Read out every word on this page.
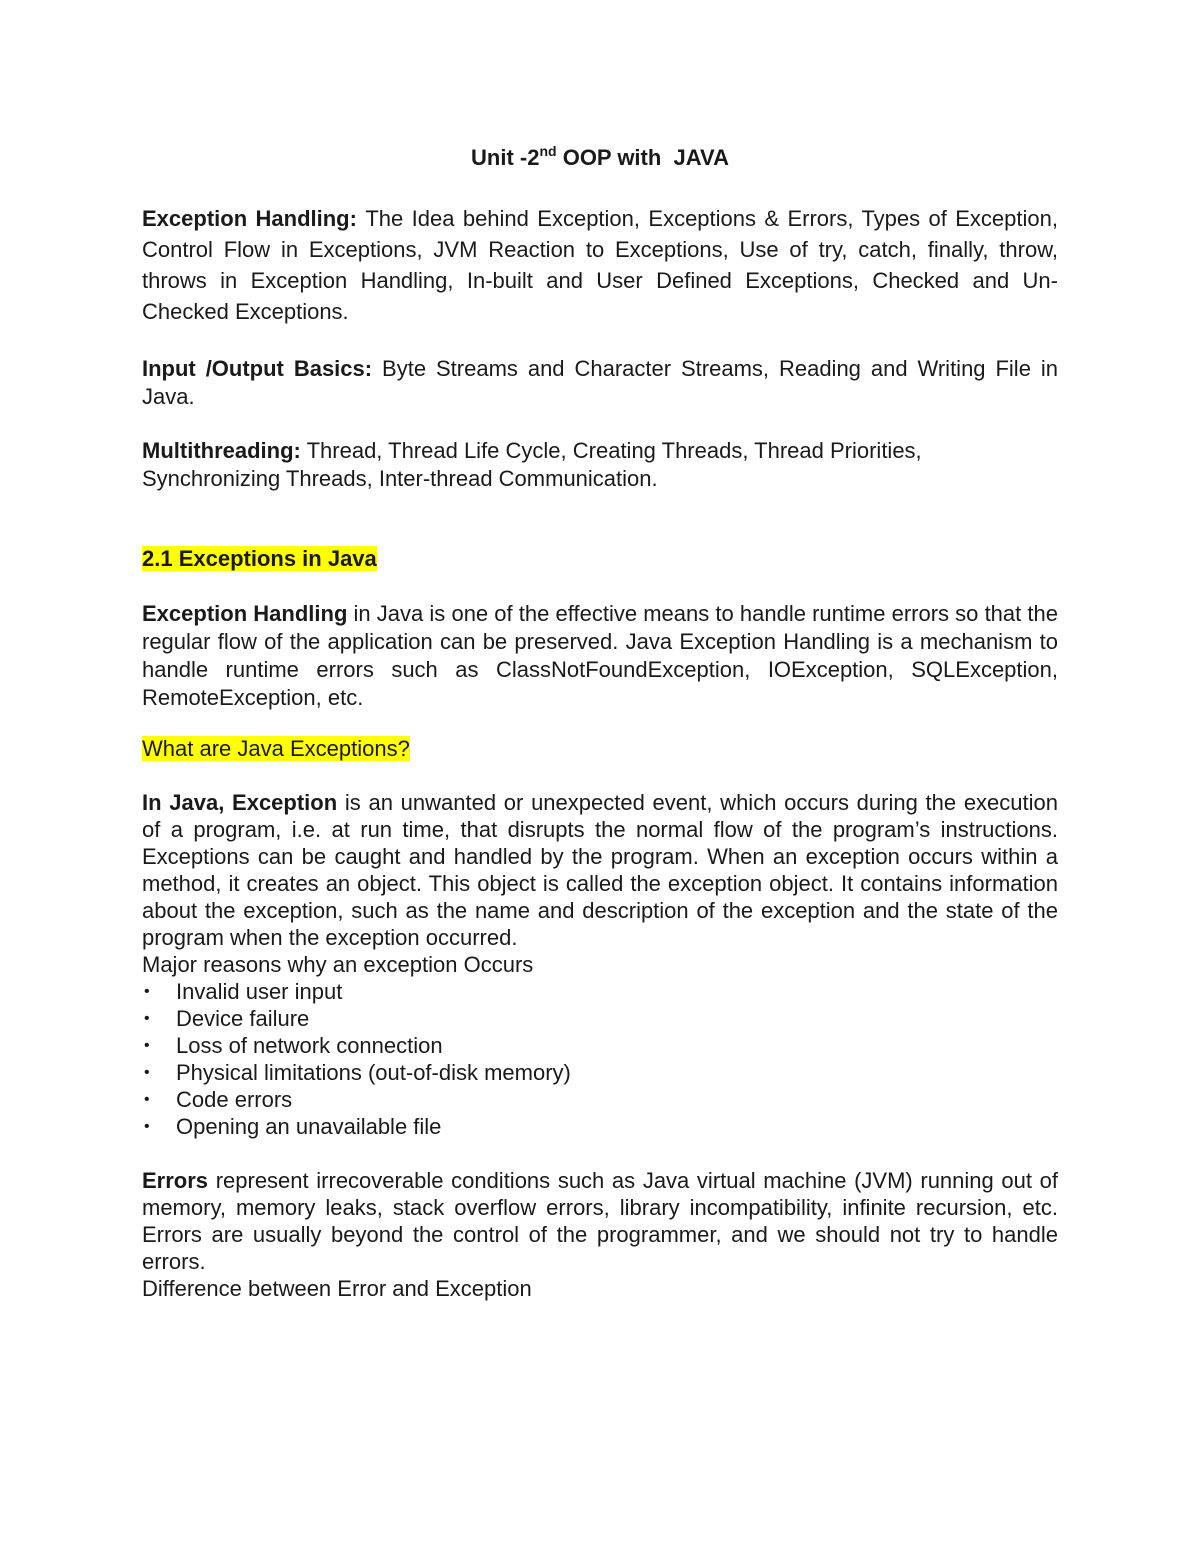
Unit -2nd OOP with  JAVA

Exception Handling: The Idea behind Exception, Exceptions & Errors, Types of Exception, Control Flow in Exceptions, JVM Reaction to Exceptions, Use of try, catch, finally, throw, throws in Exception Handling, In-built and User Defined Exceptions, Checked and Un-Checked Exceptions.

Input /Output Basics: Byte Streams and Character Streams, Reading and Writing File in Java.

Multithreading: Thread, Thread Life Cycle, Creating Threads, Thread Priorities, Synchronizing Threads, Inter-thread Communication.

2.1 Exceptions in Java

Exception Handling in Java is one of the effective means to handle runtime errors so that the regular flow of the application can be preserved. Java Exception Handling is a mechanism to handle runtime errors such as ClassNotFoundException, IOException, SQLException, RemoteException, etc.

What are Java Exceptions?

In Java, Exception is an unwanted or unexpected event, which occurs during the execution of a program, i.e. at run time, that disrupts the normal flow of the program’s instructions. Exceptions can be caught and handled by the program. When an exception occurs within a method, it creates an object. This object is called the exception object. It contains information about the exception, such as the name and description of the exception and the state of the program when the exception occurred.

Major reasons why an exception Occurs
• Invalid user input
• Device failure
• Loss of network connection
• Physical limitations (out-of-disk memory)
• Code errors
• Opening an unavailable file

Errors represent irrecoverable conditions such as Java virtual machine (JVM) running out of memory, memory leaks, stack overflow errors, library incompatibility, infinite recursion, etc. Errors are usually beyond the control of the programmer, and we should not try to handle errors.

Difference between Error and Exception
